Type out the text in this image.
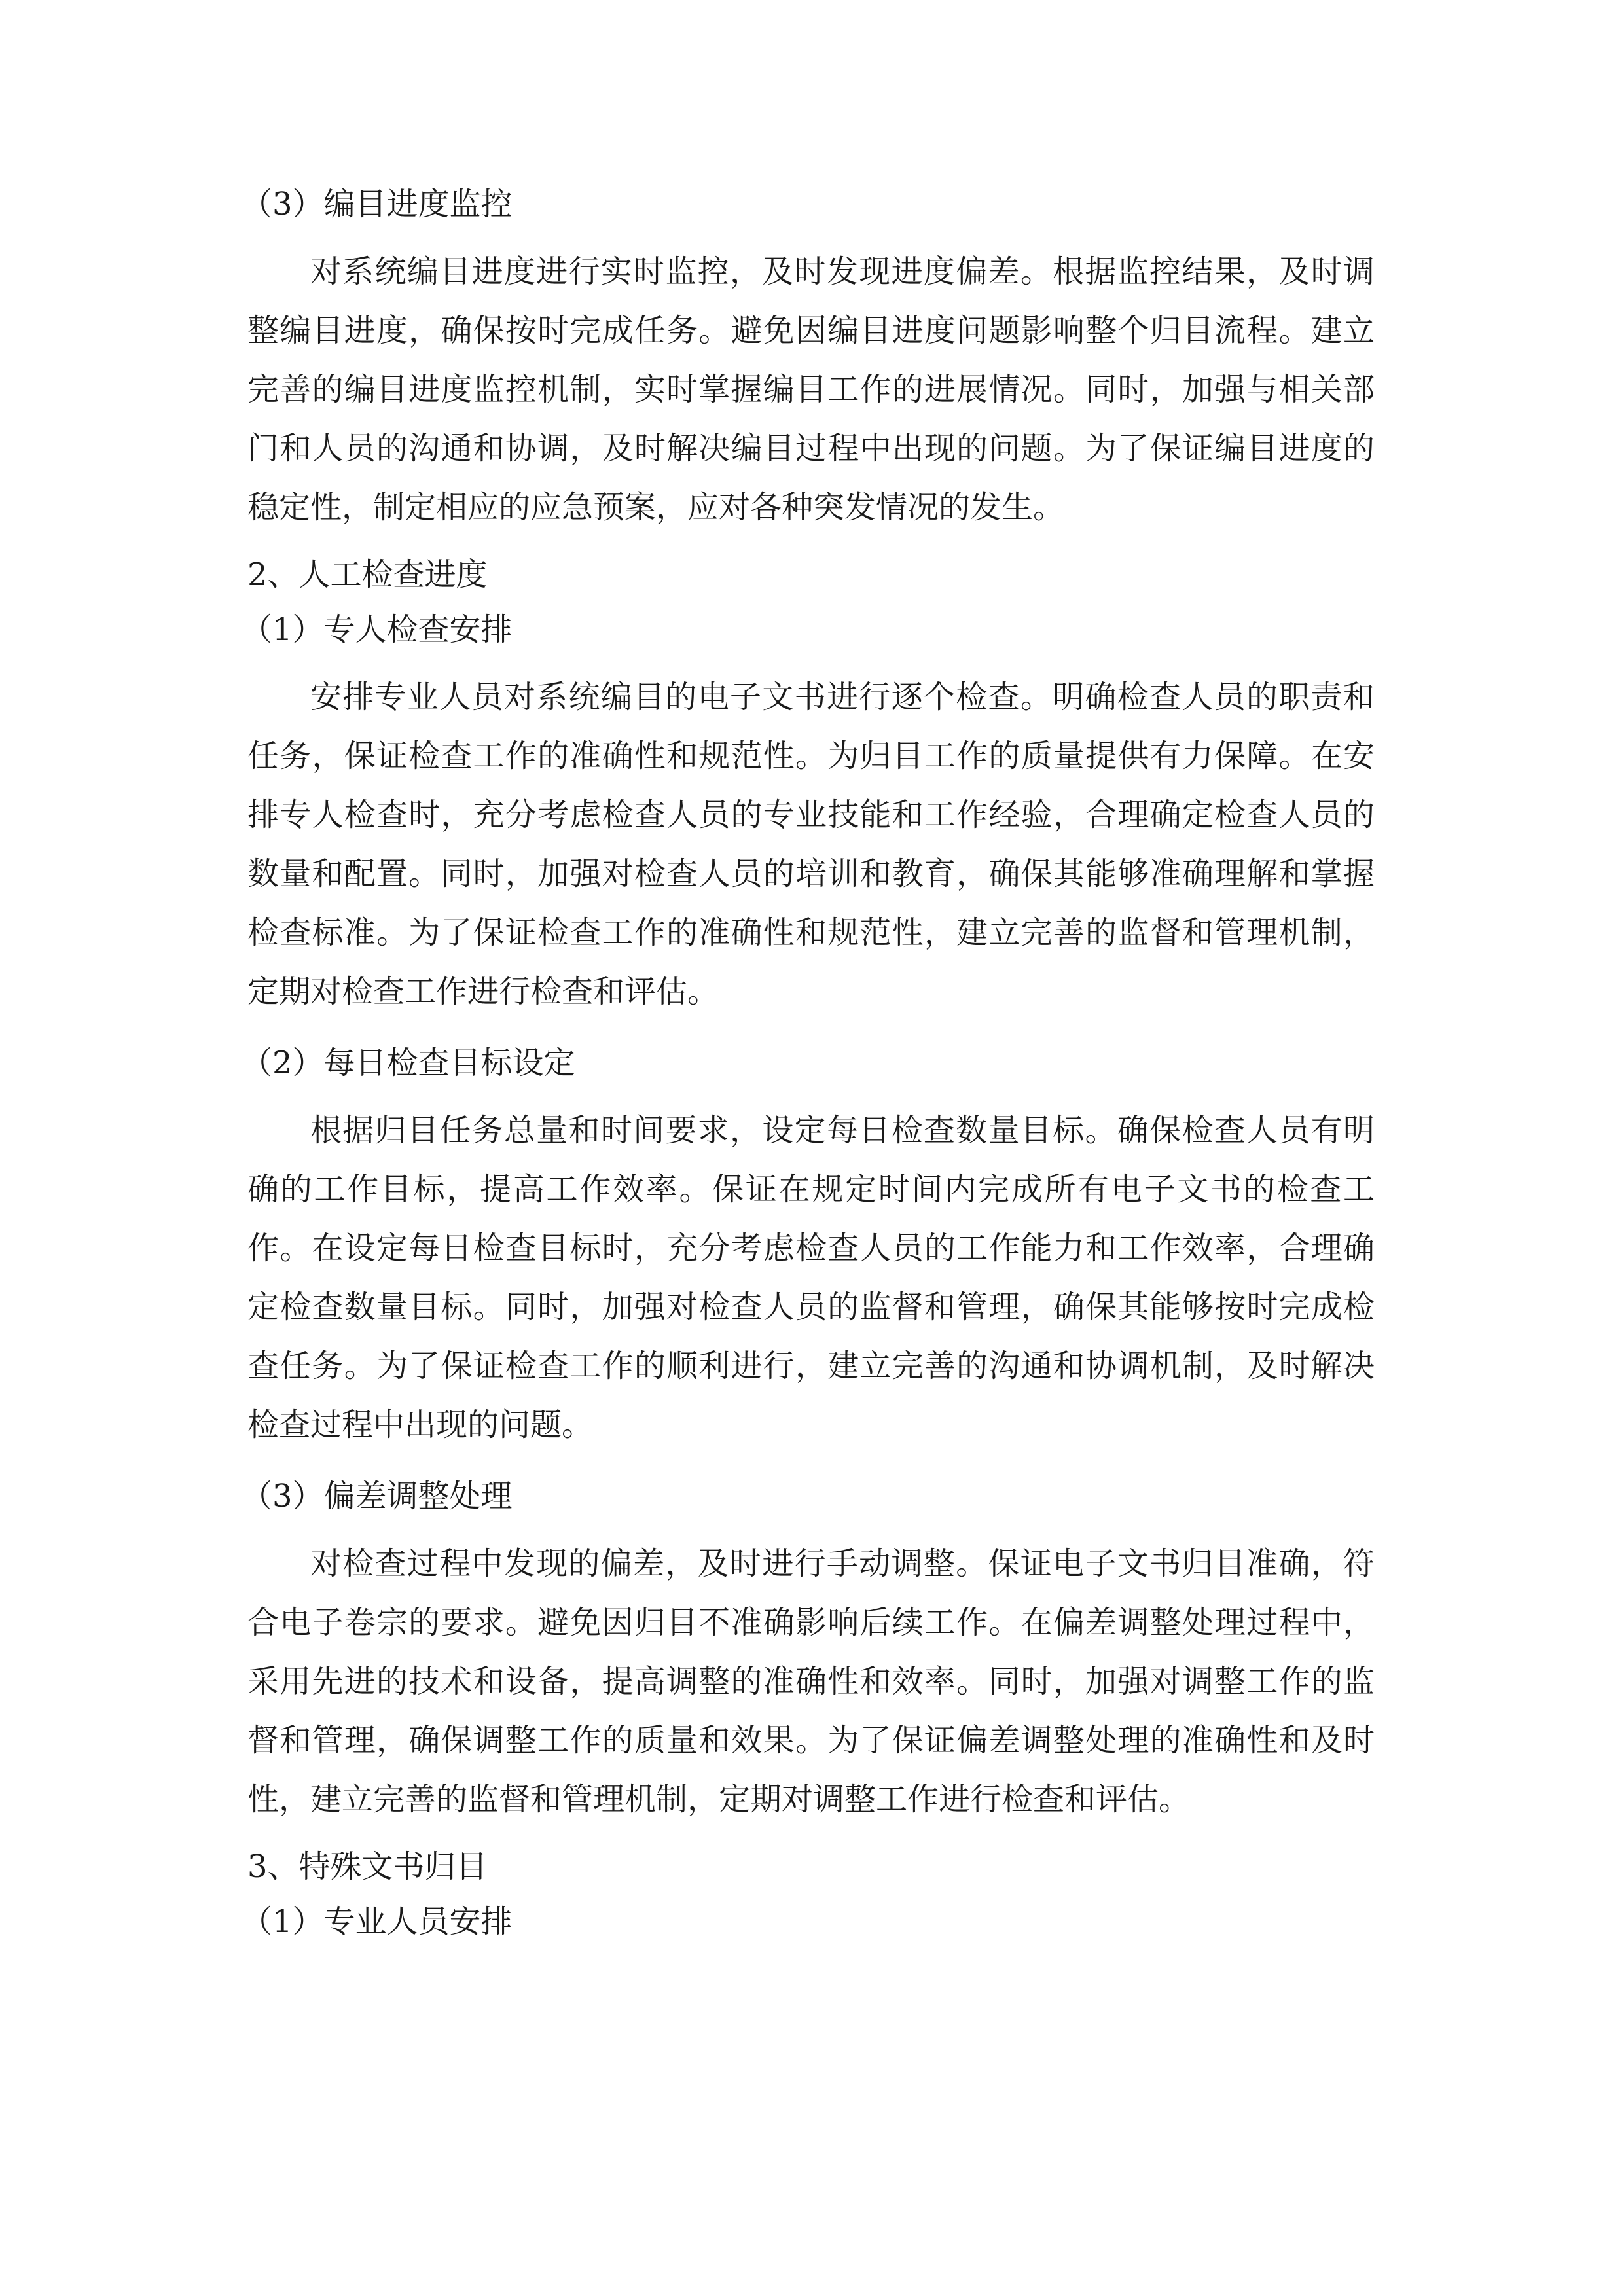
（3）编目进度监控

对系统编目进度进行实时监控，及时发现进度偏差。根据监控结果，及时调整编目进度，确保按时完成任务。避免因编目进度问题影响整个归目流程。建立完善的编目进度监控机制，实时掌握编目工作的进展情况。同时，加强与相关部门和人员的沟通和协调，及时解决编目过程中出现的问题。为了保证编目进度的稳定性，制定相应的应急预案，应对各种突发情况的发生。

2、人工检查进度
（1）专人检查安排

安排专业人员对系统编目的电子文书进行逐个检查。明确检查人员的职责和任务，保证检查工作的准确性和规范性。为归目工作的质量提供有力保障。在安排专人检查时，充分考虑检查人员的专业技能和工作经验，合理确定检查人员的数量和配置。同时，加强对检查人员的培训和教育，确保其能够准确理解和掌握检查标准。为了保证检查工作的准确性和规范性，建立完善的监督和管理机制，定期对检查工作进行检查和评估。

（2）每日检查目标设定

根据归目任务总量和时间要求，设定每日检查数量目标。确保检查人员有明确的工作目标，提高工作效率。保证在规定时间内完成所有电子文书的检查工作。在设定每日检查目标时，充分考虑检查人员的工作能力和工作效率，合理确定检查数量目标。同时，加强对检查人员的监督和管理，确保其能够按时完成检查任务。为了保证检查工作的顺利进行，建立完善的沟通和协调机制，及时解决检查过程中出现的问题。

（3）偏差调整处理

对检查过程中发现的偏差，及时进行手动调整。保证电子文书归目准确，符合电子卷宗的要求。避免因归目不准确影响后续工作。在偏差调整处理过程中，采用先进的技术和设备，提高调整的准确性和效率。同时，加强对调整工作的监督和管理，确保调整工作的质量和效果。为了保证偏差调整处理的准确性和及时性，建立完善的监督和管理机制，定期对调整工作进行检查和评估。

3、特殊文书归目
（1）专业人员安排
